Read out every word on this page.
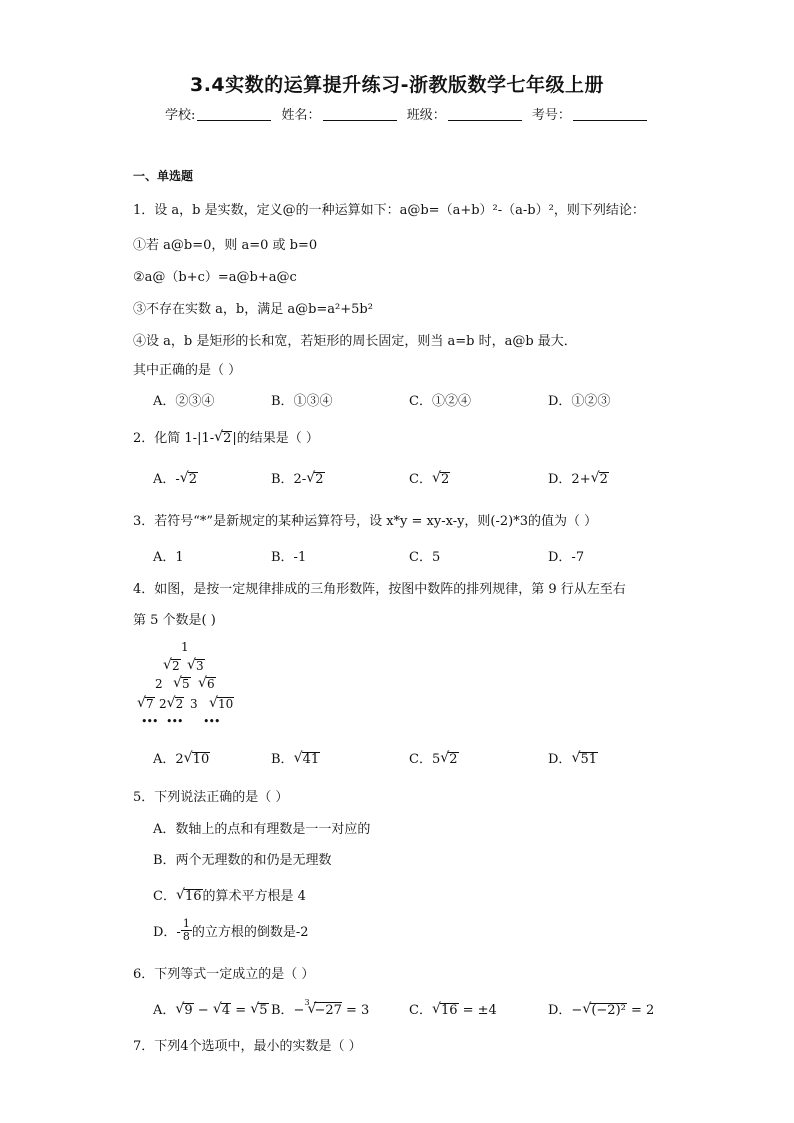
3.4实数的运算提升练习-浙教版数学七年级上册
学校:	姓名：	班级：	考号：
一、单选题
1．设 a，b 是实数，定义@的一种运算如下：a@b=（a+b）²-（a-b）²，则下列结论：
①若 a@b=0，则 a=0 或 b=0
②a@（b+c）=a@b+a@c
③不存在实数 a，b，满足 a@b=a²+5b²
④设 a，b 是矩形的长和宽，若矩形的周长固定，则当 a=b 时，a@b 最大．
其中正确的是（ ）
A．②③④	B．①③④	C．①②④	D．①②③
2．化简 1-|1- √ 2|的结果是（ ）
A．- √ 2	B．2- √ 2	C． √ 2	D．2+ √ 2
3．若符号“*”是新规定的某种运算符号，设 x*y = xy-x-y，则(-2)*3的值为（ ）
A．1	B．-1	C．5	D．-7
4．如图，是按一定规律排成的三角形数阵，按图中数阵的排列规律，第 9 行从左至右
第 5 个数是( )
1
√ 2	√ 3
2	√ 5	√ 6
√ 7 2 √ 2 3	√ 10
••• ••• •••
A．2 √ 10	B． √ 41	C．5 √ 2	D． √ 51
5．下列说法正确的是（ ）
A．数轴上的点和有理数是一一对应的
B．两个无理数的和仍是无理数
C． √ 16的算术平方根是 4
D．- $\frac{1}{8}$ 的立方根的倒数是-2
6．下列等式一定成立的是（ ）
A． √ 9 − √ 4 = √ 5 B．− 3 −27 √ = 3	C． √ 16 = ±4	D．− √ (−2)² = 2
7．下列4个选项中，最小的实数是（ ）
